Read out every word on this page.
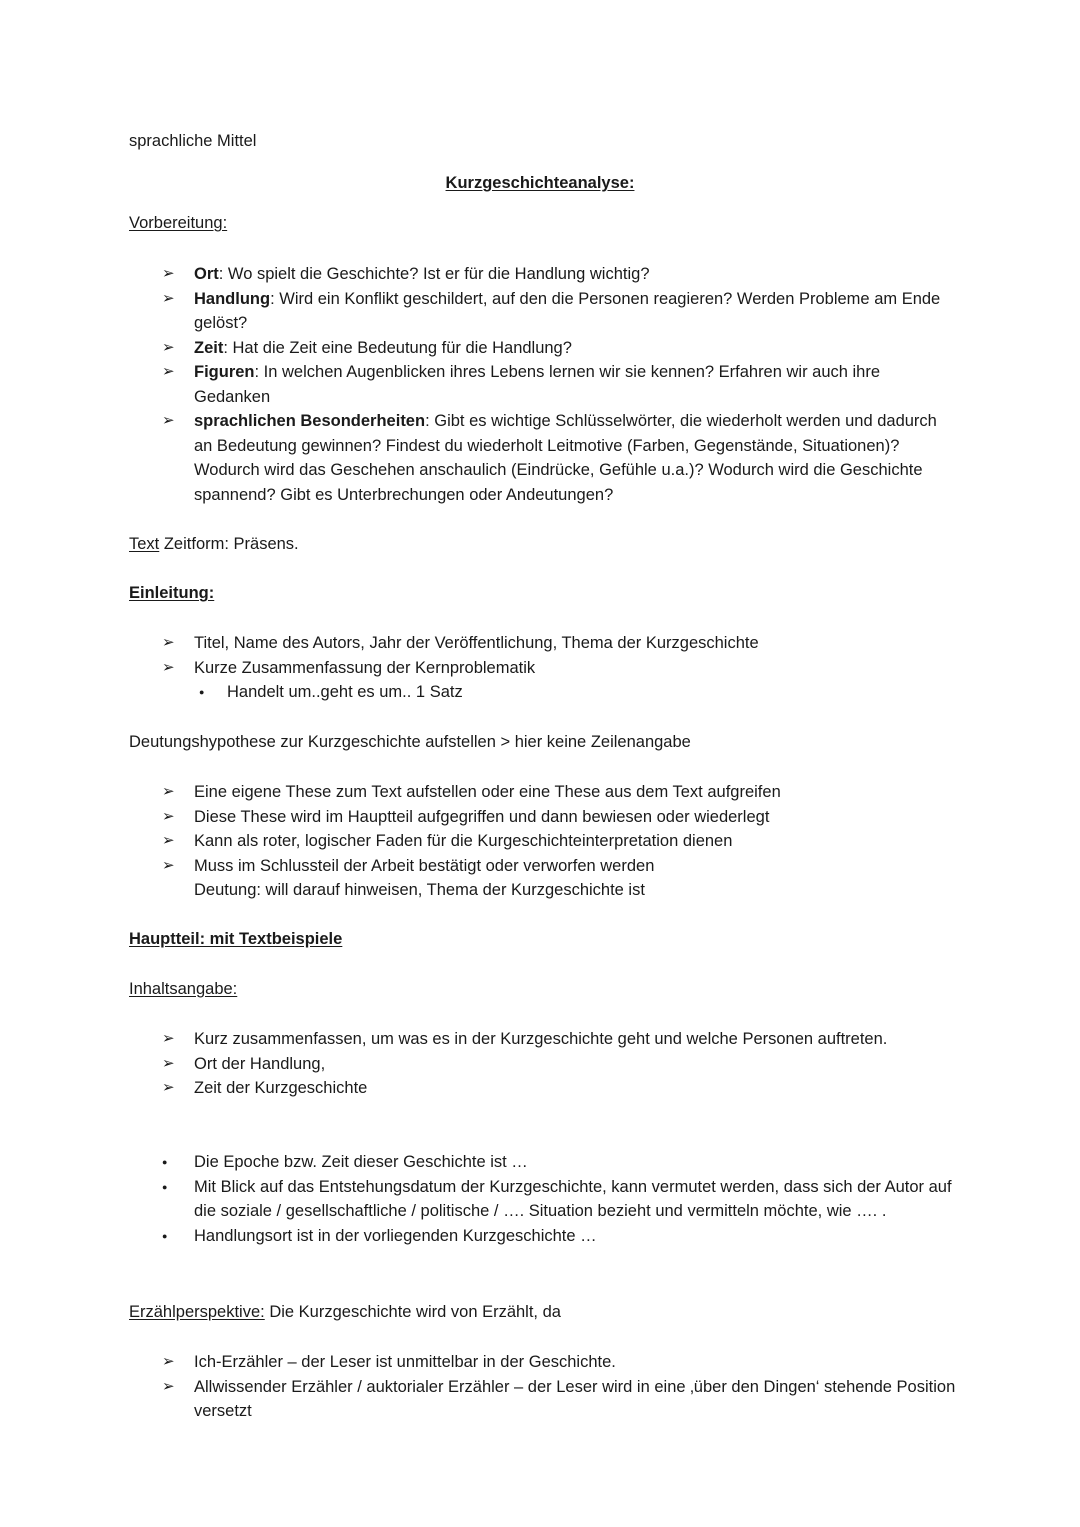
sprachliche Mittel
Kurzgeschichteanalyse:
Vorbereitung:
➢ Ort: Wo spielt die Geschichte? Ist er für die Handlung wichtig?
➢ Handlung: Wird ein Konflikt geschildert, auf den die Personen reagieren? Werden Probleme am Ende gelöst?
➢ Zeit: Hat die Zeit eine Bedeutung für die Handlung?
➢ Figuren: In welchen Augenblicken ihres Lebens lernen wir sie kennen? Erfahren wir auch ihre Gedanken
➢ sprachlichen Besonderheiten: Gibt es wichtige Schlüsselwörter, die wiederholt werden und dadurch an Bedeutung gewinnen? Findest du wiederholt Leitmotive (Farben, Gegenstände, Situationen)? Wodurch wird das Geschehen anschaulich (Eindrücke, Gefühle u.a.)? Wodurch wird die Geschichte spannend? Gibt es Unterbrechungen oder Andeutungen?
Text Zeitform: Präsens.
Einleitung:
➢ Titel, Name des Autors, Jahr der Veröffentlichung, Thema der Kurzgeschichte
➢ Kurze Zusammenfassung der Kernproblematik
● Handelt um..geht es um.. 1 Satz
Deutungshypothese zur Kurzgeschichte aufstellen > hier keine Zeilenangabe
➢ Eine eigene These zum Text aufstellen oder eine These aus dem Text aufgreifen
➢ Diese These wird im Hauptteil aufgegriffen und dann bewiesen oder wiederlegt
➢ Kann als roter, logischer Faden für die Kurgeschichteinterpretation dienen
➢ Muss im Schlussteil der Arbeit bestätigt oder verworfen werden
Deutung: will darauf hinweisen, Thema der Kurzgeschichte ist
Hauptteil: mit Textbeispiele
Inhaltsangabe:
➢ Kurz zusammenfassen, um was es in der Kurzgeschichte geht und welche Personen auftreten.
➢ Ort der Handlung,
➢ Zeit der Kurzgeschichte
● Die Epoche bzw. Zeit dieser Geschichte ist …
● Mit Blick auf das Entstehungsdatum der Kurzgeschichte, kann vermutet werden, dass sich der Autor auf die soziale / gesellschaftliche / politische / …. Situation bezieht und vermitteln möchte, wie …. .
● Handlungsort ist in der vorliegenden Kurzgeschichte …
Erzählperspektive: Die Kurzgeschichte wird von Erzählt, da
➢ Ich-Erzähler – der Leser ist unmittelbar in der Geschichte.
➢ Allwissender Erzähler / auktorialer Erzähler – der Leser wird in eine ‚über den Dingen‘ stehende Position versetzt
